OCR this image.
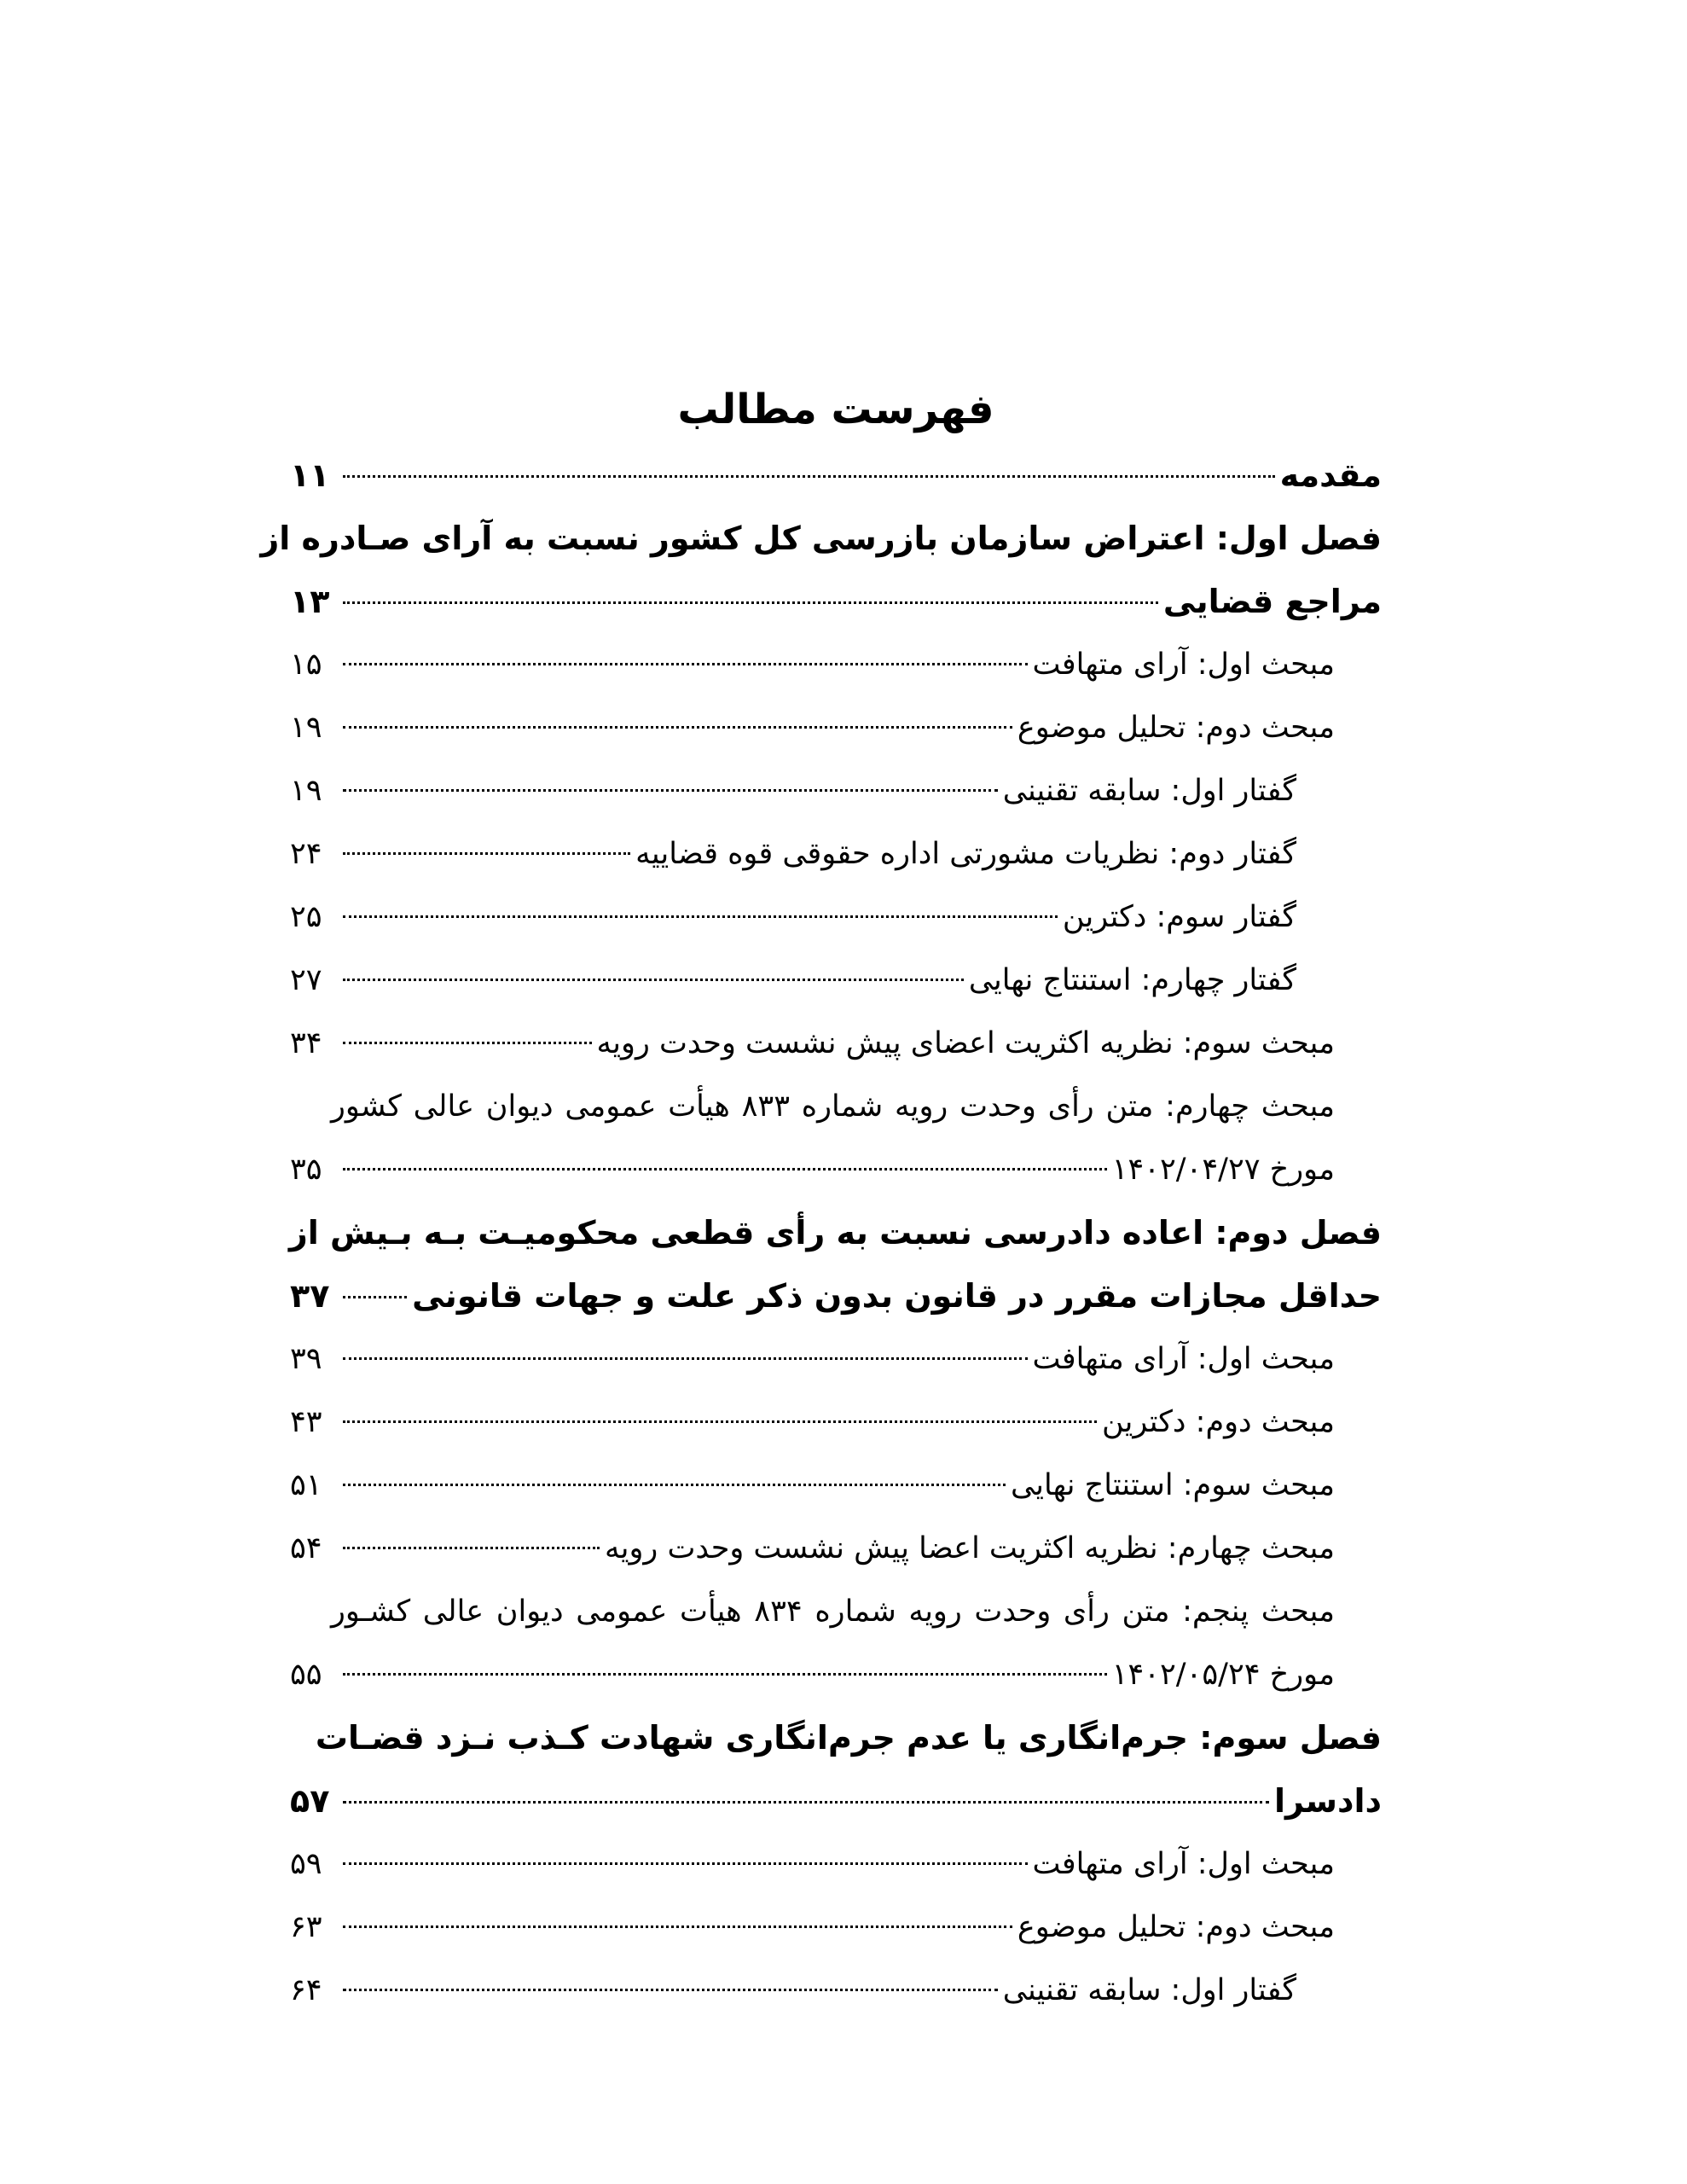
فهرست مطالب
مقدمه
۱۱
فصل اول: اعتراض سازمان بازرسی کل کشور نسبت به آرای صـادره از
مراجع قضایی
۱۳
مبحث اول: آرای متهافت
۱۵
مبحث دوم: تحلیل موضوع
۱۹
گفتار اول: سابقه تقنینی
۱۹
گفتار دوم: نظریات مشورتی اداره حقوقی قوه قضاییه
۲۴
گفتار سوم: دکترین
۲۵
گفتار چهارم: استنتاج نهایی
۲۷
مبحث سوم: نظریه اکثریت اعضای پیش نشست وحدت رویه
۳۴
مبحث چهارم: متن رأی وحدت رویه شماره ۸۳۳ هیأت عمومی دیوان عالی کشور
مورخ ۱۴۰۲/۰۴/۲۷
۳۵
فصل دوم: اعاده دادرسی نسبت به رأی قطعی محکومیـت بـه بـیش از
حداقل مجازات مقرر در قانون بدون ذکر علت و جهات قانونی
۳۷
مبحث اول: آرای متهافت
۳۹
مبحث دوم: دکترین
۴۳
مبحث سوم: استنتاج نهایی
۵۱
مبحث چهارم: نظریه اکثریت اعضا پیش نشست وحدت رویه
۵۴
مبحث پنجم: متن رأی وحدت رویه شماره ۸۳۴ هیأت عمومی دیوان عالی کشـور
مورخ ۱۴۰۲/۰۵/۲۴
۵۵
فصل سوم: جرم‌انگاری یا عدم جرم‌انگاری شهادت کـذب نـزد قضـات
دادسرا
۵۷
مبحث اول: آرای متهافت
۵۹
مبحث دوم: تحلیل موضوع
۶۳
گفتار اول: سابقه تقنینی
۶۴
